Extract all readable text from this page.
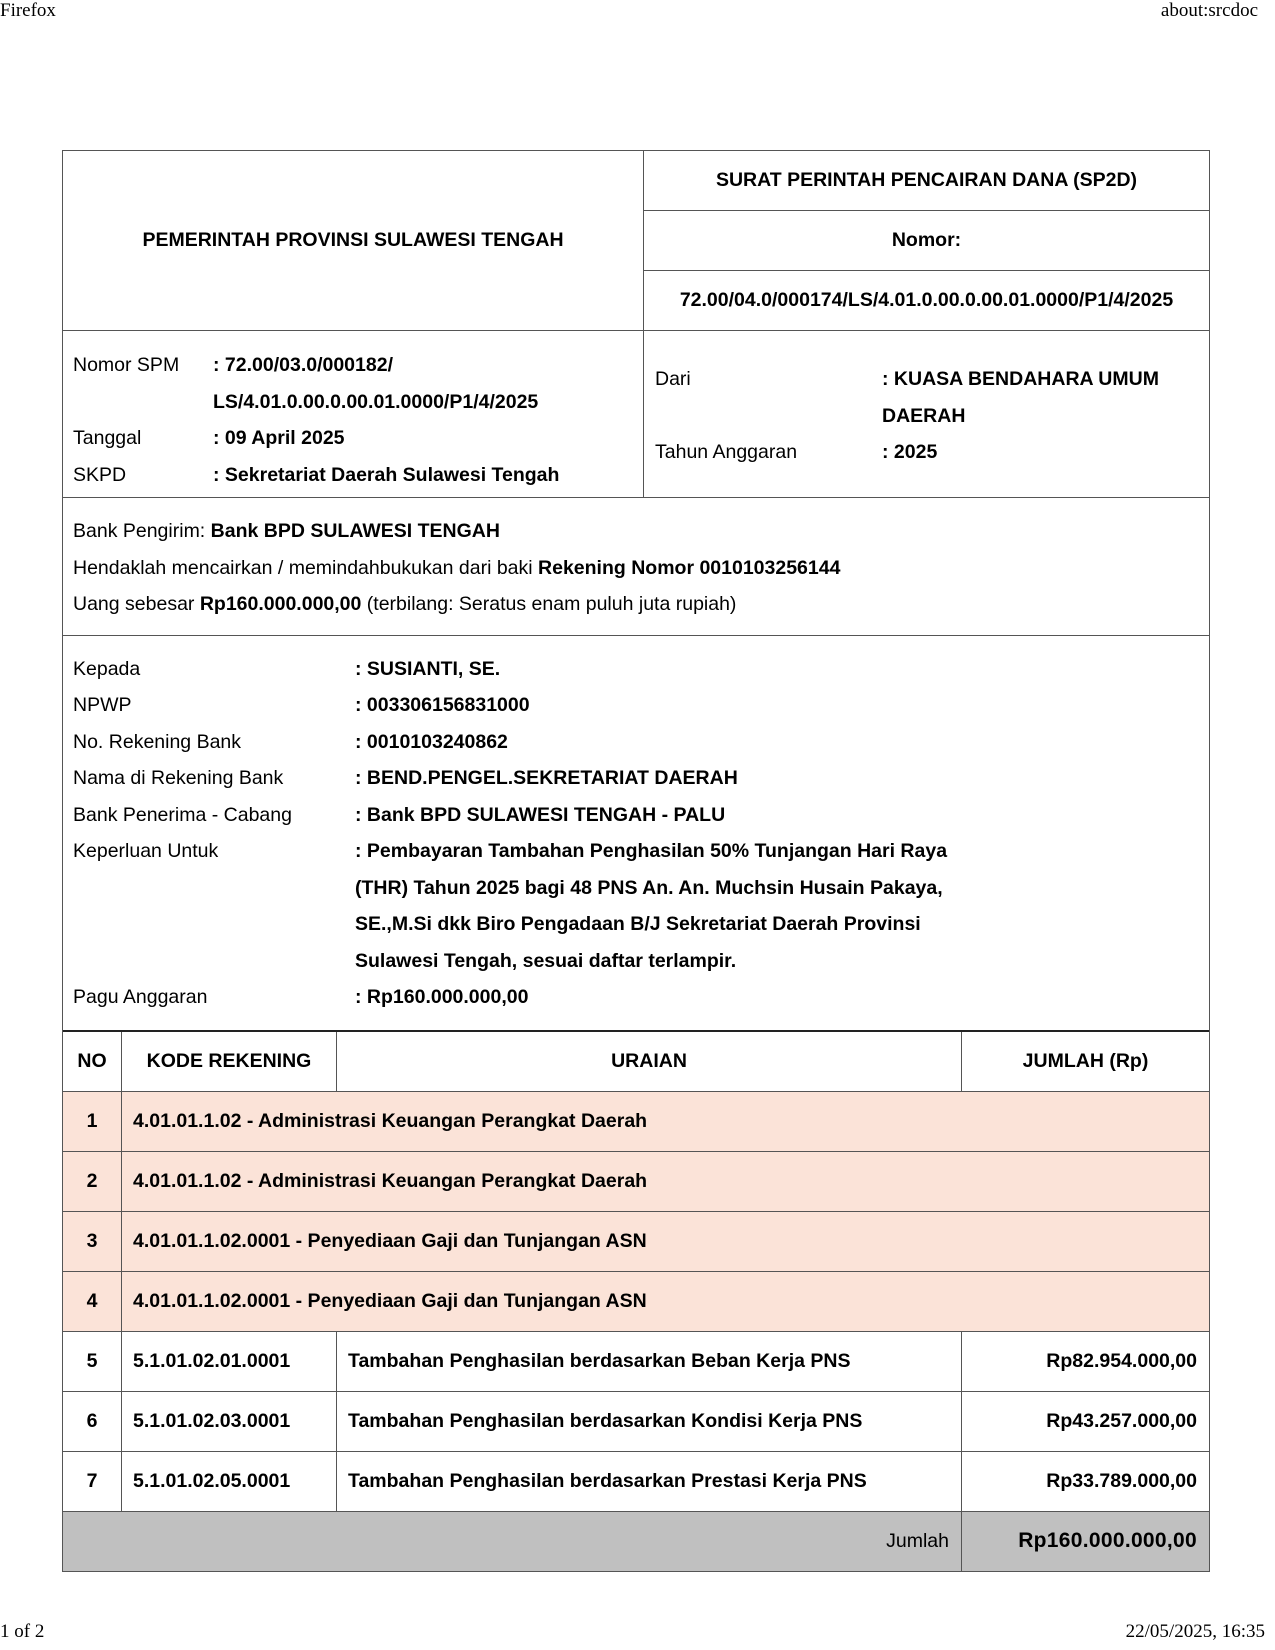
Firefox	about:srcdoc
PEMERINTAH PROVINSI SULAWESI TENGAH
SURAT PERINTAH PENCAIRAN DANA (SP2D)
Nomor:
72.00/04.0/000174/LS/4.01.0.00.0.00.01.0000/P1/4/2025
Nomor SPM	: 72.00/03.0/000182/
LS/4.01.0.00.0.00.01.0000/P1/4/2025
Tanggal	: 09 April 2025
SKPD	: Sekretariat Daerah Sulawesi Tengah
Dari	: KUASA BENDAHARA UMUM
DAERAH
Tahun Anggaran	: 2025
Bank Pengirim: Bank BPD SULAWESI TENGAH
Hendaklah mencairkan / memindahbukukan dari baki Rekening Nomor 0010103256144
Uang sebesar Rp160.000.000,00 (terbilang: Seratus enam puluh juta rupiah)
Kepada	: SUSIANTI, SE.
NPWP	: 003306156831000
No. Rekening Bank	: 0010103240862
Nama di Rekening Bank	: BEND.PENGEL.SEKRETARIAT DAERAH
Bank Penerima - Cabang	: Bank BPD SULAWESI TENGAH - PALU
Keperluan Untuk	: Pembayaran Tambahan Penghasilan 50% Tunjangan Hari Raya
(THR) Tahun 2025 bagi 48 PNS An. An. Muchsin Husain Pakaya,
SE.,M.Si dkk Biro Pengadaan B/J Sekretariat Daerah Provinsi
Sulawesi Tengah, sesuai daftar terlampir.
Pagu Anggaran	: Rp160.000.000,00
NO	KODE REKENING	URAIAN	JUMLAH (Rp)
1	4.01.01.1.02 - Administrasi Keuangan Perangkat Daerah
2	4.01.01.1.02 - Administrasi Keuangan Perangkat Daerah
3	4.01.01.1.02.0001 - Penyediaan Gaji dan Tunjangan ASN
4	4.01.01.1.02.0001 - Penyediaan Gaji dan Tunjangan ASN
5	5.1.01.02.01.0001	Tambahan Penghasilan berdasarkan Beban Kerja PNS	Rp82.954.000,00
6	5.1.01.02.03.0001	Tambahan Penghasilan berdasarkan Kondisi Kerja PNS	Rp43.257.000,00
7	5.1.01.02.05.0001	Tambahan Penghasilan berdasarkan Prestasi Kerja PNS	Rp33.789.000,00
Jumlah	Rp160.000.000,00
1 of 2	22/05/2025, 16:35
